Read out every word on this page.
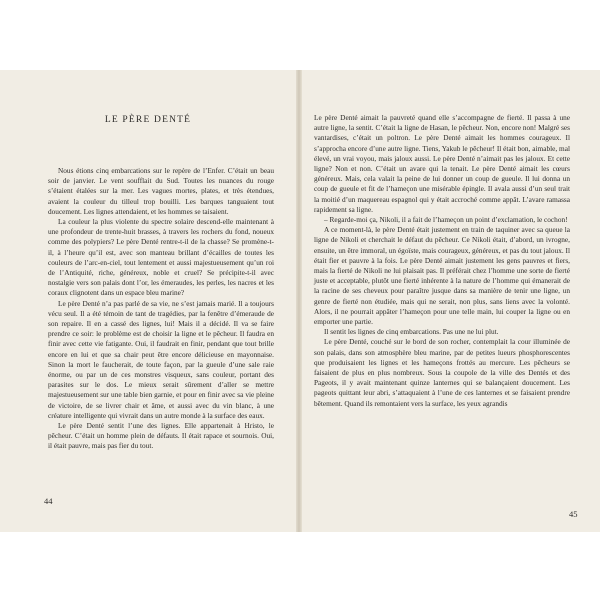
LE PÈRE DENTÉ

Nous étions cinq embarcations sur le repère de l’Enfer. C’était un beau soir de janvier. Le vent soufflait du Sud. Toutes les nuances du rouge s’étaient étalées sur la mer. Les vagues mortes, plates, et très étendues, avaient la couleur du tilleul trop bouilli. Les barques tanguaient tout doucement. Les lignes attendaient, et les hommes se taisaient.

La couleur la plus violente du spectre solaire descend-elle maintenant à une profondeur de trente-huit brasses, à travers les rochers du fond, noueux comme des polypiers? Le père Denté rentre-t-il de la chasse? Se promène-t-il, à l’heure qu’il est, avec son manteau brillant d’écailles de toutes les couleurs de l’arc-en-ciel, tout lentement et aussi majestueusement qu’un roi de l’Antiquité, riche, généreux, noble et cruel? Se précipite-t-il avec nostalgie vers son palais dont l’or, les émeraudes, les perles, les nacres et les coraux clignotent dans un espace bleu marine?

Le père Denté n’a pas parlé de sa vie, ne s’est jamais marié. Il a toujours vécu seul. Il a été témoin de tant de tragédies, par la fenêtre d’émeraude de son repaire. Il en a cassé des lignes, lui! Mais il a décidé. Il va se faire prendre ce soir: le problème est de choisir la ligne et le pêcheur. Il faudra en finir avec cette vie fatigante. Oui, il faudrait en finir, pendant que tout brille encore en lui et que sa chair peut être encore délicieuse en mayonnaise. Sinon la mort le faucherait, de toute façon, par la gueule d’une sale raie énorme, ou par un de ces monstres visqueux, sans couleur, portant des parasites sur le dos. Le mieux serait sûrement d’aller se mettre majestueusement sur une table bien garnie, et pour en finir avec sa vie pleine de victoire, de se livrer chair et âme, et aussi avec du vin blanc, à une créature intelligente qui vivrait dans un autre monde à la surface des eaux.

Le père Denté sentit l’une des lignes. Elle appartenait à Hristo, le pêcheur. C’était un homme plein de défauts. Il était rapace et sournois. Oui, il était pauvre, mais pas fier du tout.

44

Le père Denté aimait la pauvreté quand elle s’accompagne de fierté. Il passa à une autre ligne, la sentit. C’était la ligne de Hasan, le pêcheur. Non, encore non! Malgré ses vantardises, c’était un poltron. Le père Denté aimait les hommes courageux. Il s’approcha encore d’une autre ligne. Tiens, Yakub le pêcheur! Il était bon, aimable, mal élevé, un vrai voyou, mais jaloux aussi. Le père Denté n’aimait pas les jaloux. Et cette ligne? Non et non. C’était un avare qui la tenait. Le père Denté aimait les cœurs généreux. Mais, cela valait la peine de lui donner un coup de gueule. Il lui donna un coup de gueule et fit de l’hameçon une misérable épingle. Il avala aussi d’un seul trait la moitié d’un maquereau espagnol qui y était accroché comme appât. L’avare ramassa rapidement sa ligne.

– Regarde-moi ça, Nikoli, il a fait de l’hameçon un point d’exclamation, le cochon!

A ce moment-là, le père Denté était justement en train de taquiner avec sa queue la ligne de Nikoli et cherchait le défaut du pêcheur. Ce Nikoli était, d’abord, un ivrogne, ensuite, un être immoral, un égoïste, mais courageux, généreux, et pas du tout jaloux. Il était fier et pauvre à la fois. Le père Denté aimait justement les gens pauvres et fiers, mais la fierté de Nikoli ne lui plaisait pas. Il préférait chez l’homme une sorte de fierté juste et acceptable, plutôt une fierté inhérente à la nature de l’homme qui émanerait de la racine de ses cheveux pour paraître jusque dans sa manière de tenir une ligne, un genre de fierté non étudiée, mais qui ne serait, non plus, sans liens avec la volonté. Alors, il ne pourrait appâter l’hameçon pour une telle main, lui couper la ligne ou en emporter une partie.

Il sentit les lignes de cinq embarcations. Pas une ne lui plut.

Le père Denté, couché sur le bord de son rocher, contemplait la cour illuminée de son palais, dans son atmosphère bleu marine, par de petites lueurs phosphorescentes que produisaient les lignes et les hameçons frottés au mercure. Les pêcheurs se faisaient de plus en plus nombreux. Sous la coupole de la ville des Dentés et des Pageots, il y avait maintenant quinze lanternes qui se balançaient doucement. Les pageots quittant leur abri, s’attaquaient à l’une de ces lanternes et se faisaient prendre bêtement. Quand ils remontaient vers la surface, les yeux agrandis

45
